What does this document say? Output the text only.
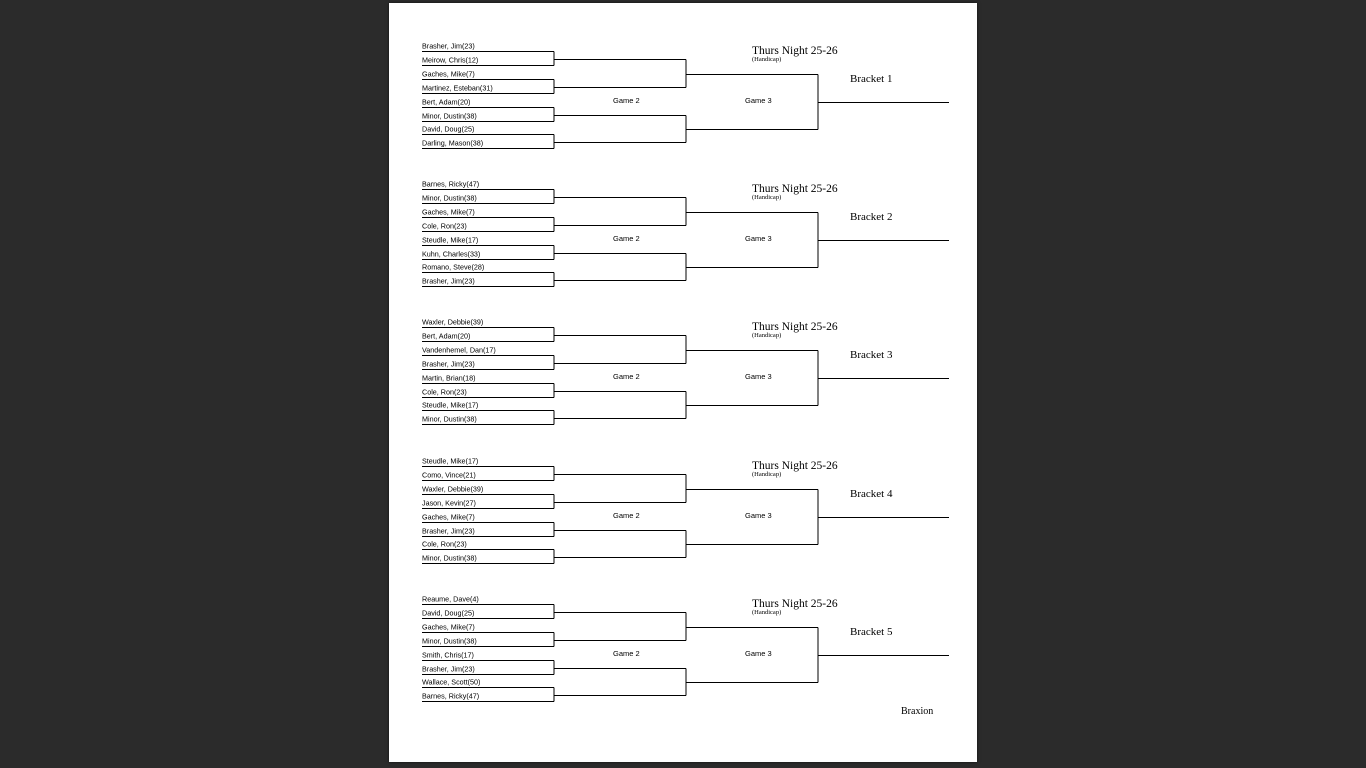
Brasher, Jim(23)
Meirow, Chris(12)
Gaches, Mike(7)
Martinez, Esteban(31)
Bert, Adam(20)
Minor, Dustin(38)
David, Doug(25)
Darling, Mason(38)
Game 2	Game 3
Thurs Night 25-26
(Handicap)
Bracket 1
Barnes, Ricky(47)
Minor, Dustin(38)
Gaches, Mike(7)
Cole, Ron(23)
Steudle, Mike(17)
Kuhn, Charles(33)
Romano, Steve(28)
Brasher, Jim(23)
Game 2	Game 3
Thurs Night 25-26
(Handicap)
Bracket 2
Waxler, Debbie(39)
Bert, Adam(20)
Vandenhemel, Dan(17)
Brasher, Jim(23)
Martin, Brian(18)
Cole, Ron(23)
Steudle, Mike(17)
Minor, Dustin(38)
Game 2	Game 3
Thurs Night 25-26
(Handicap)
Bracket 3
Steudle, Mike(17)
Como, Vince(21)
Waxler, Debbie(39)
Jason, Kevin(27)
Gaches, Mike(7)
Brasher, Jim(23)
Cole, Ron(23)
Minor, Dustin(38)
Game 2	Game 3
Thurs Night 25-26
(Handicap)
Bracket 4
Reaume, Dave(4)
David, Doug(25)
Gaches, Mike(7)
Minor, Dustin(38)
Smith, Chris(17)
Brasher, Jim(23)
Wallace, Scott(50)
Barnes, Ricky(47)
Game 2	Game 3
Thurs Night 25-26
(Handicap)
Bracket 5
Braxion
